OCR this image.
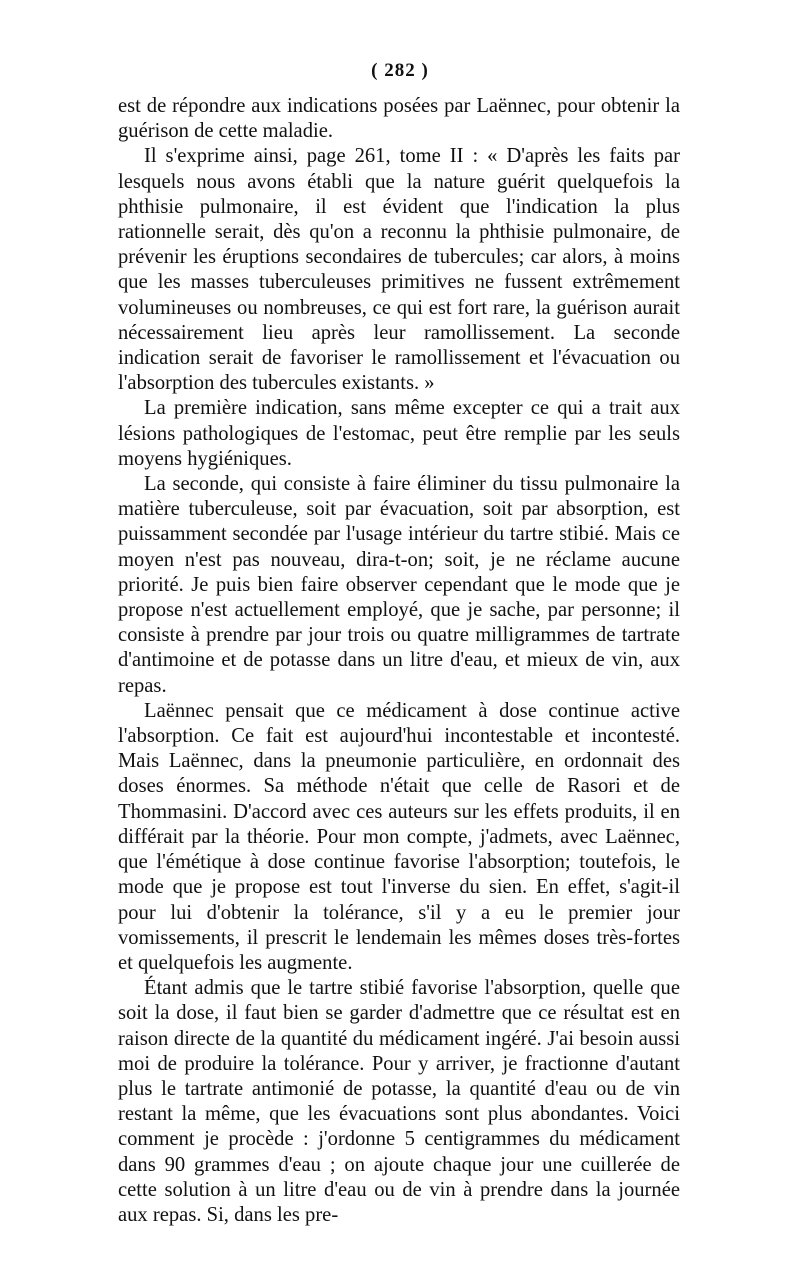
( 282 )

est de répondre aux indications posées par Laënnec, pour obtenir la guérison de cette maladie.

Il s'exprime ainsi, page 261, tome II : « D'après les faits par lesquels nous avons établi que la nature guérit quelquefois la phthisie pulmonaire, il est évident que l'indication la plus rationnelle serait, dès qu'on a reconnu la phthisie pulmonaire, de prévenir les éruptions secondaires de tubercules; car alors, à moins que les masses tuberculeuses primitives ne fussent extrêmement volumineuses ou nombreuses, ce qui est fort rare, la guérison aurait nécessairement lieu après leur ramollissement. La seconde indication serait de favoriser le ramollissement et l'évacuation ou l'absorption des tubercules existants. »

La première indication, sans même excepter ce qui a trait aux lésions pathologiques de l'estomac, peut être remplie par les seuls moyens hygiéniques.

La seconde, qui consiste à faire éliminer du tissu pulmonaire la matière tuberculeuse, soit par évacuation, soit par absorption, est puissamment secondée par l'usage intérieur du tartre stibié. Mais ce moyen n'est pas nouveau, dira-t-on; soit, je ne réclame aucune priorité. Je puis bien faire observer cependant que le mode que je propose n'est actuellement employé, que je sache, par personne; il consiste à prendre par jour trois ou quatre milligrammes de tartrate d'antimoine et de potasse dans un litre d'eau, et mieux de vin, aux repas.

Laënnec pensait que ce médicament à dose continue active l'absorption. Ce fait est aujourd'hui incontestable et incontesté. Mais Laënnec, dans la pneumonie particulière, en ordonnait des doses énormes. Sa méthode n'était que celle de Rasori et de Thommasini. D'accord avec ces auteurs sur les effets produits, il en différait par la théorie. Pour mon compte, j'admets, avec Laënnec, que l'émétique à dose continue favorise l'absorption; toutefois, le mode que je propose est tout l'inverse du sien. En effet, s'agit-il pour lui d'obtenir la tolérance, s'il y a eu le premier jour vomissements, il prescrit le lendemain les mêmes doses très-fortes et quelquefois les augmente.

Étant admis que le tartre stibié favorise l'absorption, quelle que soit la dose, il faut bien se garder d'admettre que ce résultat est en raison directe de la quantité du médicament ingéré. J'ai besoin aussi moi de produire la tolérance. Pour y arriver, je fractionne d'autant plus le tartrate antimonié de potasse, la quantité d'eau ou de vin restant la même, que les évacuations sont plus abondantes. Voici comment je procède : j'ordonne 5 centigrammes du médicament dans 90 grammes d'eau ; on ajoute chaque jour une cuillerée de cette solution à un litre d'eau ou de vin à prendre dans la journée aux repas. Si, dans les pre-
